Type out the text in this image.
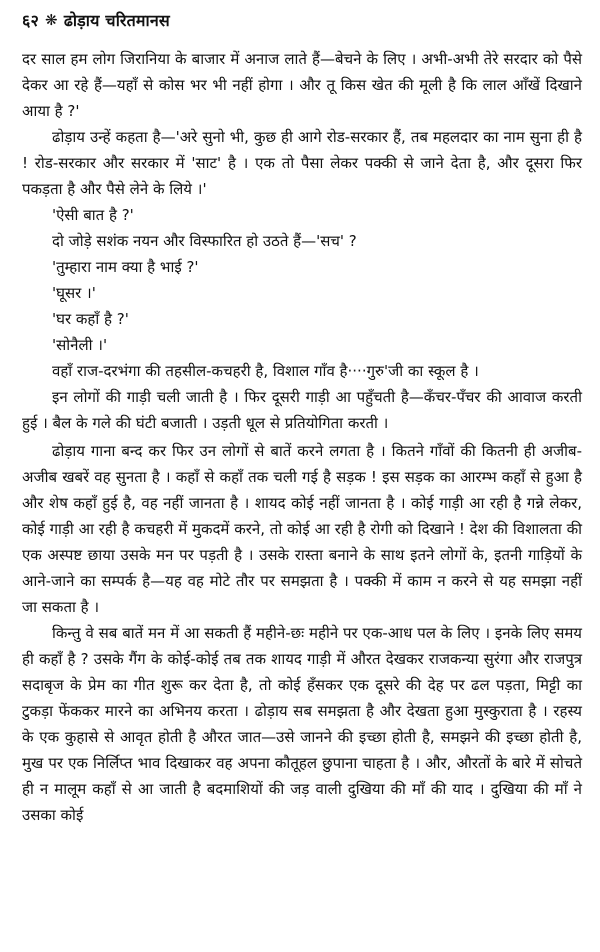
६२ ❋ ढोड़ाय चरितमानस

दर साल हम लोग जिरानिया के बाजार में अनाज लाते हैं—बेचने के लिए । अभी-अभी तेरे सरदार को पैसे देकर आ रहे हैं—यहाँ से कोस भर भी नहीं होगा । और तू किस खेत की मूली है कि लाल आँखें दिखाने आया है ?'

ढोड़ाय उन्हें कहता है—'अरे सुनो भी, कुछ ही आगे रोड-सरकार हैं, तब महलदार का नाम सुना ही है ! रोड-सरकार और सरकार में 'साट' है । एक तो पैसा लेकर पक्की से जाने देता है, और दूसरा फिर पकड़ता है और पैसे लेने के लिये ।'

'ऐसी बात है ?'

दो जोड़े सशंक नयन और विस्फारित हो उठते हैं—'सच' ?

'तुम्हारा नाम क्या है भाई ?'

'घूसर ।'

'घर कहाँ है ?'

'सोनैली ।'

वहाँ राज-दरभंगा की तहसील-कचहरी है, विशाल गाँव है····गुरु'जी का स्कूल है ।

इन लोगों की गाड़ी चली जाती है । फिर दूसरी गाड़ी आ पहुँचती है—कँचर-पँचर की आवाज करती हुई । बैल के गले की घंटी बजाती । उड़ती धूल से प्रतियोगिता करती ।

ढोड़ाय गाना बन्द कर फिर उन लोगों से बातें करने लगता है । कितने गाँवों की कितनी ही अजीब-अजीब खबरें वह सुनता है । कहाँ से कहाँ तक चली गई है सड़क ! इस सड़क का आरम्भ कहाँ से हुआ है और शेष कहाँ हुई है, वह नहीं जानता है । शायद कोई नहीं जानता है । कोई गाड़ी आ रही है गन्ने लेकर, कोई गाड़ी आ रही है कचहरी में मुकदमें करने, तो कोई आ रही है रोगी को दिखाने ! देश की विशालता की एक अस्पष्ट छाया उसके मन पर पड़ती है । उसके रास्ता बनाने के साथ इतने लोगों के, इतनी गाड़ियों के आने-जाने का सम्पर्क है—यह वह मोटे तौर पर समझता है । पक्की में काम न करने से यह समझा नहीं जा सकता है ।

किन्तु वे सब बातें मन में आ सकती हैं महीने-छः महीने पर एक-आध पल के लिए । इनके लिए समय ही कहाँ है ? उसके गैंग के कोई-कोई तब तक शायद गाड़ी में औरत देखकर राजकन्या सुरंगा और राजपुत्र सदाबृज के प्रेम का गीत शुरू कर देता है, तो कोई हँसकर एक दूसरे की देह पर ढल पड़ता, मिट्टी का टुकड़ा फेंककर मारने का अभिनय करता । ढोड़ाय सब समझता है और देखता हुआ मुस्कुराता है । रहस्य के एक कुहासे से आवृत होती है औरत जात—उसे जानने की इच्छा होती है, समझने की इच्छा होती है, मुख पर एक निर्लिप्त भाव दिखाकर वह अपना कौतूहल छुपाना चाहता है । और, औरतों के बारे में सोचते ही न मालूम कहाँ से आ जाती है बदमाशियों की जड़ वाली दुखिया की माँ की याद । दुखिया की माँ ने उसका कोई
